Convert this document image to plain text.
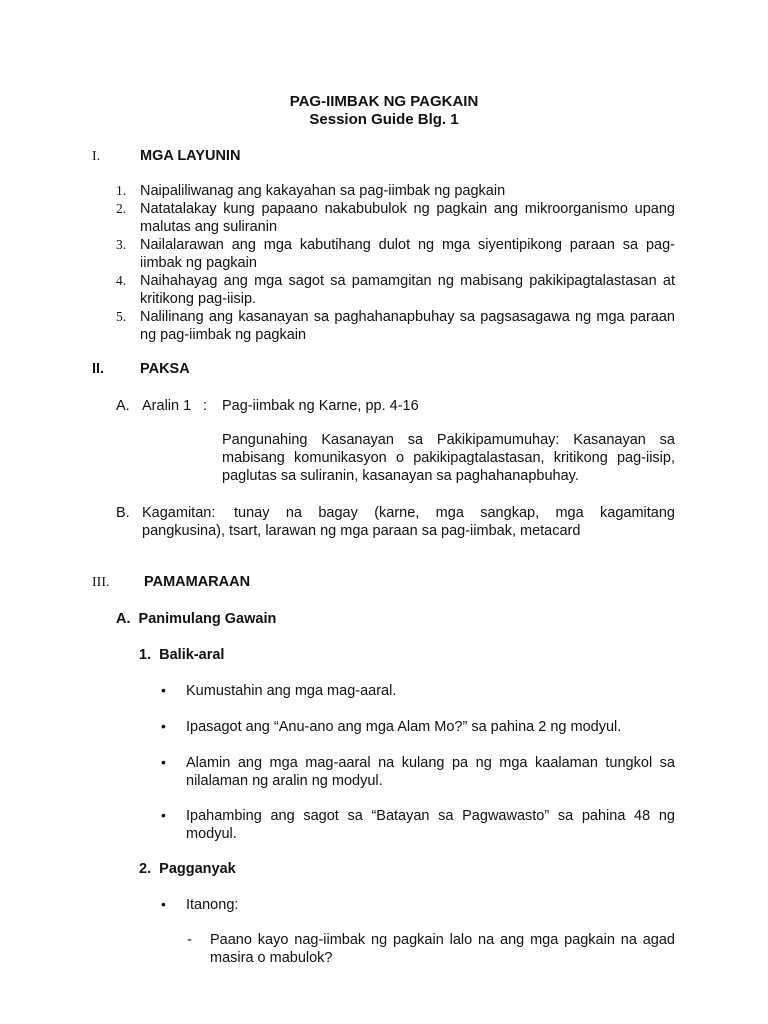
PAG-IIMBAK NG PAGKAIN
Session Guide Blg. 1
I.	MGA LAYUNIN
1. Naipaliliwanag ang kakayahan sa pag-iimbak ng pagkain
2. Natatalakay kung papaano nakabubulok ng pagkain ang mikroorganismo upang malutas ang suliranin
3. Nailalarawan ang mga kabutihang dulot ng mga siyentipikong paraan sa pag-iimbak ng pagkain
4. Naihahayag ang mga sagot sa pamamgitan ng mabisang pakikipagtalastasan at kritikong pag-iisip.
5. Nalilinang ang kasanayan sa paghahanapbuhay sa pagsasagawa ng mga paraan ng pag-iimbak ng pagkain
II. PAKSA
A. Aralin 1 : Pag-iimbak ng Karne, pp. 4-16
Pangunahing Kasanayan sa Pakikipamumuhay: Kasanayan sa mabisang komunikasyon o pakikipagtalastasan, kritikong pag-iisip, paglutas sa suliranin, kasanayan sa paghahanapbuhay.
B. Kagamitan:	tunay na bagay (karne, mga sangkap, mga kagamitang pangkusina), tsart, larawan ng mga paraan sa pag-iimbak, metacard
III. PAMAMARAAN
A.  Panimulang Gawain
1.  Balik-aral
• Kumustahin ang mga mag-aaral.
• Ipasagot ang “Anu-ano ang mga Alam Mo?” sa pahina 2 ng modyul.
• Alamin ang mga mag-aaral na kulang pa ng mga kaalaman tungkol sa nilalaman ng aralin ng modyul.
• Ipahambing ang sagot sa “Batayan sa Pagwawasto” sa pahina 48 ng modyul.
2.  Pagganyak
• Itanong:
- Paano kayo nag-iimbak ng pagkain lalo na ang mga pagkain na agad masira o mabulok?
